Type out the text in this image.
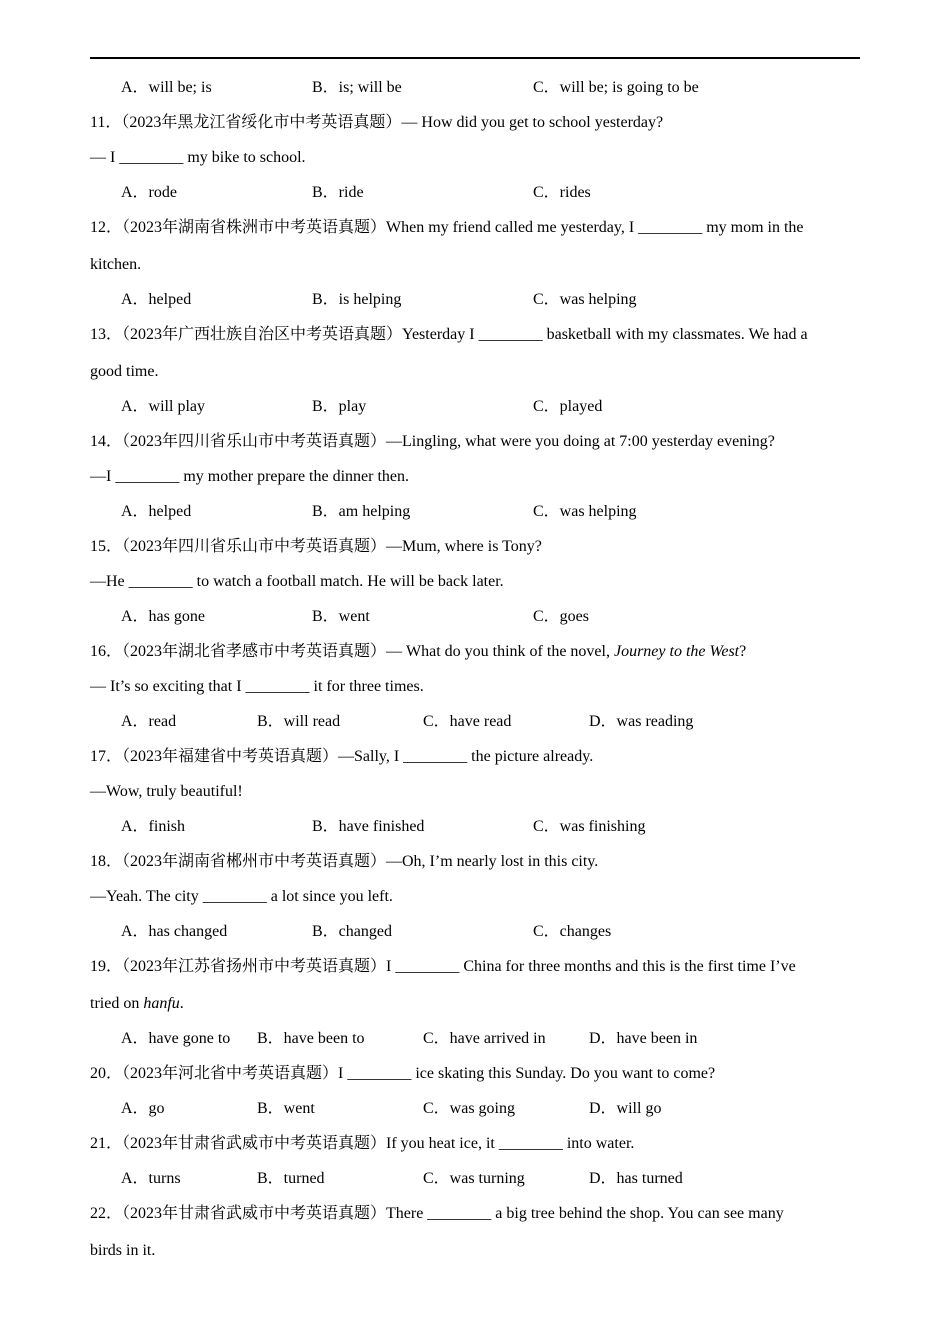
A．will be; is	B．is; will be	C．will be; is going to be
11．（2023年黑龙江省绥化市中考英语真题）— How did you get to school yesterday?
— I ________ my bike to school.
A．rode	B．ride	C．rides
12．（2023年湖南省株洲市中考英语真题）When my friend called me yesterday, I ________ my mom in the
kitchen.
A．helped	B．is helping	C．was helping
13．（2023年广西壮族自治区中考英语真题）Yesterday I ________ basketball with my classmates. We had a
good time.
A．will play	B．play	C．played
14．（2023年四川省乐山市中考英语真题）—Lingling, what were you doing at 7:00 yesterday evening?
—I ________ my mother prepare the dinner then.
A．helped	B．am helping	C．was helping
15．（2023年四川省乐山市中考英语真题）—Mum, where is Tony?
—He ________ to watch a football match. He will be back later.
A．has gone	B．went	C．goes
16．（2023年湖北省孝感市中考英语真题）— What do you think of the novel, Journey to the West?
— It’s so exciting that I ________ it for three times.
A．read	B．will read	C．have read	D．was reading
17．（2023年福建省中考英语真题）—Sally, I ________ the picture already.
—Wow, truly beautiful!
A．finish	B．have finished	C．was finishing
18．（2023年湖南省郴州市中考英语真题）—Oh, I’m nearly lost in this city.
—Yeah. The city ________ a lot since you left.
A．has changed	B．changed	C．changes
19．（2023年江苏省扬州市中考英语真题）I ________ China for three months and this is the first time I’ve
tried on hanfu.
A．have gone to B．have been to	C．have arrived in	D．have been in
20．（2023年河北省中考英语真题）I ________ ice skating this Sunday. Do you want to come?
A．go	B．went	C．was going	D．will go
21．（2023年甘肃省武威市中考英语真题）If you heat ice, it ________ into water.
A．turns	B．turned	C．was turning	D．has turned
22．（2023年甘肃省武威市中考英语真题）There ________ a big tree behind the shop. You can see many
birds in it.
